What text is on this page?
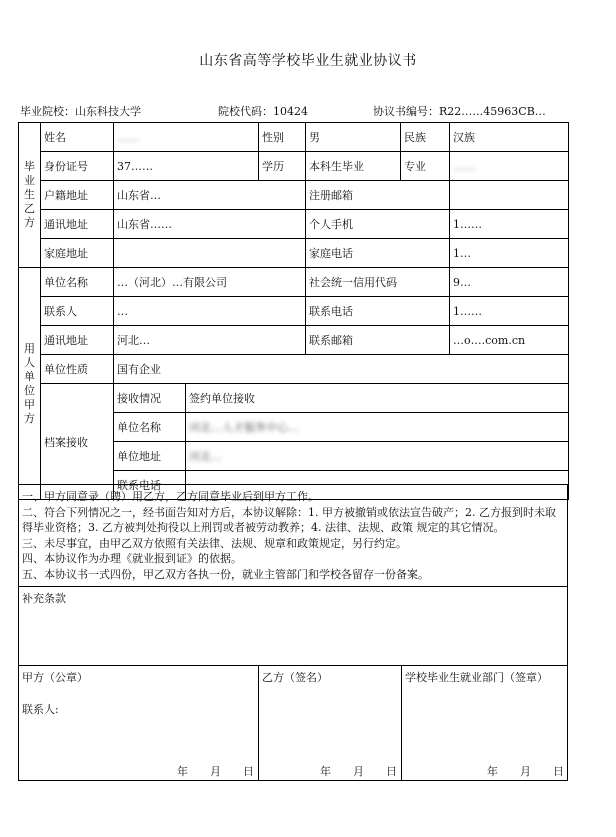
山东省高等学校毕业生就业协议书
毕业院校：山东科技大学	院校代码：10424	协议书编号：R22……45963CB…
毕业生乙方	姓名	……		性别	男	民族	汉族
	身份证号	37……		学历	本科生毕业	专业	……
	户籍地址	山东省…			注册邮箱		
	通讯地址	山东省……			个人手机		1……
	家庭地址				家庭电话		1…
用人单位甲方	单位名称	…（河北）…有限公司			社会统一信用代码		9…
	联系人	…			联系电话		1……
	通讯地址	河北…			联系邮箱		…o….com.cn
	单位性质	国有企业					
	档案接收	接收情况	签约单位接收				
		单位名称	河北…人才服务中心…				
		单位地址	河北…				
		联系电话					

一、甲方同意录（聘）用乙方，乙方同意毕业后到甲方工作。

二、符合下列情况之一，经书面告知对方后，本协议解除：1. 甲方被撤销或依法宣告破产；2. 乙方报到时未取得毕业资格；3. 乙方被判处拘役以上刑罚或者被劳动教养；4. 法律、法规、政策 规定的其它情况。

三、未尽事宜，由甲乙双方依照有关法律、法规、规章和政策规定，另行约定。

四、本协议作为办理《就业报到证》的依据。

五、本协议书一式四份，甲乙双方各执一份，就业主管部门和学校各留存一份备案。

补充条款
甲方（公章）
联系人:
年　　月　　日
乙方（签名）
年　　月　　日
学校毕业生就业部门（签章）
年　　月　　日
